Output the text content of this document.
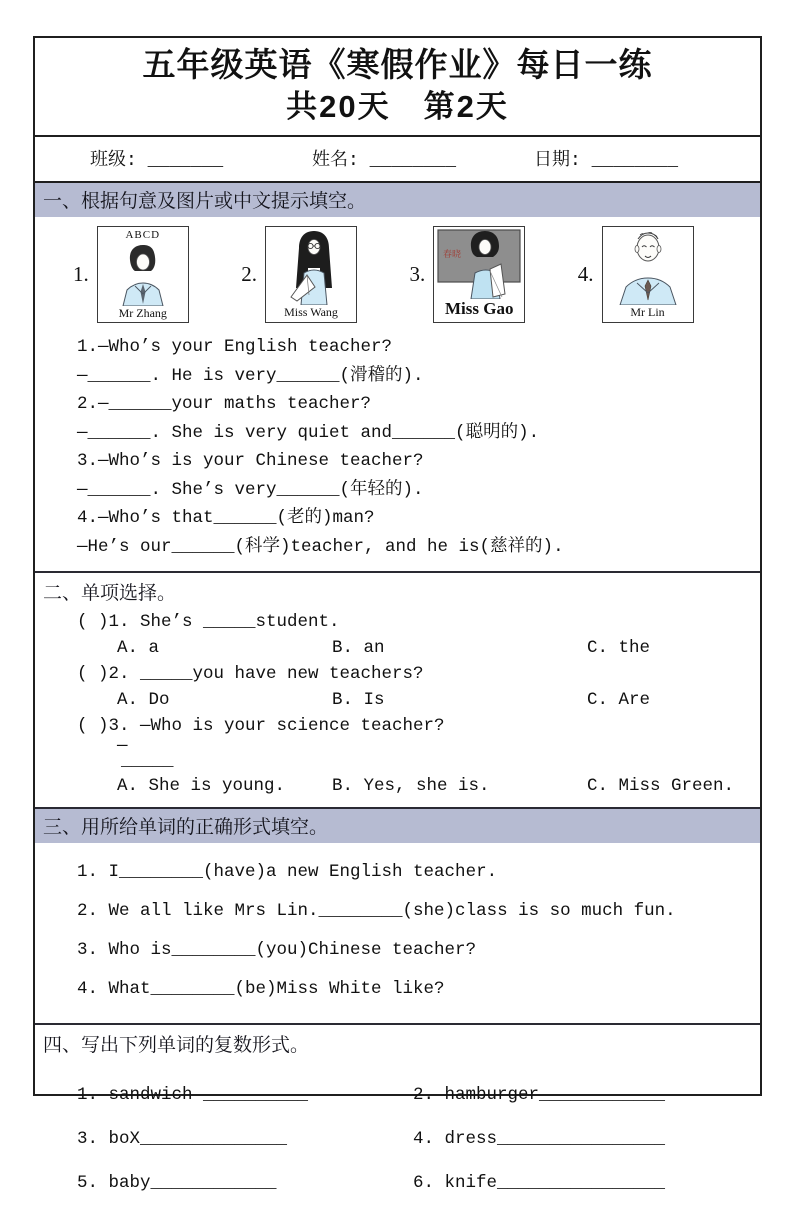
五年级英语《寒假作业》每日一练
共20天　第2天
班级: _______	姓名: ________	日期: ________
一、根据句意及图片或中文提示填空。
1.
ABCD
Mr Zhang
2.
Miss Wang
3.
春晓
Miss Gao
4.
Mr Lin
1.—Who’s your English teacher?
—______. He is very______(滑稽的).
2.—______your maths teacher?
—______. She is very quiet and______(聪明的).
3.—Who’s is your Chinese teacher?
—______. She’s very______(年轻的).
4.—Who’s that______(老的)man?
—He’s our______(科学)teacher, and he is(慈祥的).
二、单项选择。
( )1. She’s _____student.
A. a	B. an	C. the
( )2. _____you have new teachers?
A. Do	B. Is	C. Are
( )3. —Who is your science teacher?
—
_____
A. She is young.	B. Yes, she is.	C. Miss Green.
三、用所给单词的正确形式填空。
1. I________(have)a new English teacher.
2. We all like Mrs Lin.________(she)class is so much fun.
3. Who is________(you)Chinese teacher?
4. What________(be)Miss White like?
四、写出下列单词的复数形式。
1. sandwich __________	2. hamburger____________
3. boX______________	4. dress________________
5. baby____________	6. knife________________
